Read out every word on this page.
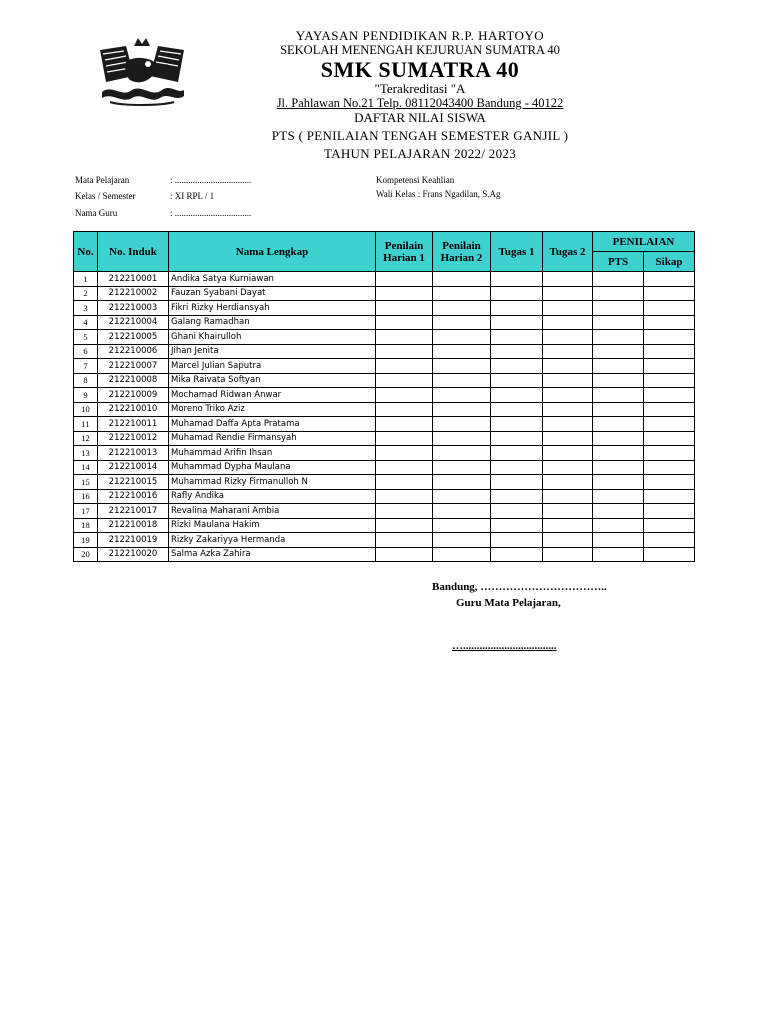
YAYASAN PENDIDIKAN R.P. HARTOYO
SEKOLAH MENENGAH KEJURUAN SUMATRA 40
SMK SUMATRA 40
"Terakreditasi "A
Jl. Pahlawan No.21 Telp. 08112043400 Bandung - 40122
DAFTAR NILAI SISWA
PTS ( PENILAIAN TENGAH SEMESTER GANJIL )
TAHUN PELAJARAN 2022/ 2023
Mata Pelajaran	: ..................................
Kelas / Semester	: XI RPL / 1
Nama Guru	: ..................................
Kompetensi Keahlian
Wali Kelas : Frans Ngadilan, S.Ag
No.	No. Induk	Nama Lengkap	Penilain Harian 1	Penilain Harian 2	Tugas 1	Tugas 2	PENILAIAN	
							PTS	Sikap
1	212210001	Andika Satya Kurniawan						
2	212210002	Fauzan Syabani Dayat						
3	212210003	Fikri Rizky Herdiansyah						
4	212210004	Galang Ramadhan						
5	212210005	Ghani Khairulloh						
6	212210006	Jihan Jenita						
7	212210007	Marcel Julian Saputra						
8	212210008	Mika Raivata Softyan						
9	212210009	Mochamad Ridwan Anwar						
10	212210010	Moreno Triko Aziz						
11	212210011	Muhamad Daffa Apta Pratama						
12	212210012	Muhamad Rendie Firmansyah						
13	212210013	Muhammad Arifin Ihsan						
14	212210014	Muhammad Dypha Maulana						
15	212210015	Muhammad Rizky Firmanulloh N						
16	212210016	Rafly Andika						
17	212210017	Revalina Maharani Ambia						
18	212210018	Rizki Maulana Hakim						
19	212210019	Rizky Zakariyya Hermanda						
20	212210020	Salma Azka Zahira						
Bandung, ……………………………..
Guru Mata Pelajaran,
…..................................
